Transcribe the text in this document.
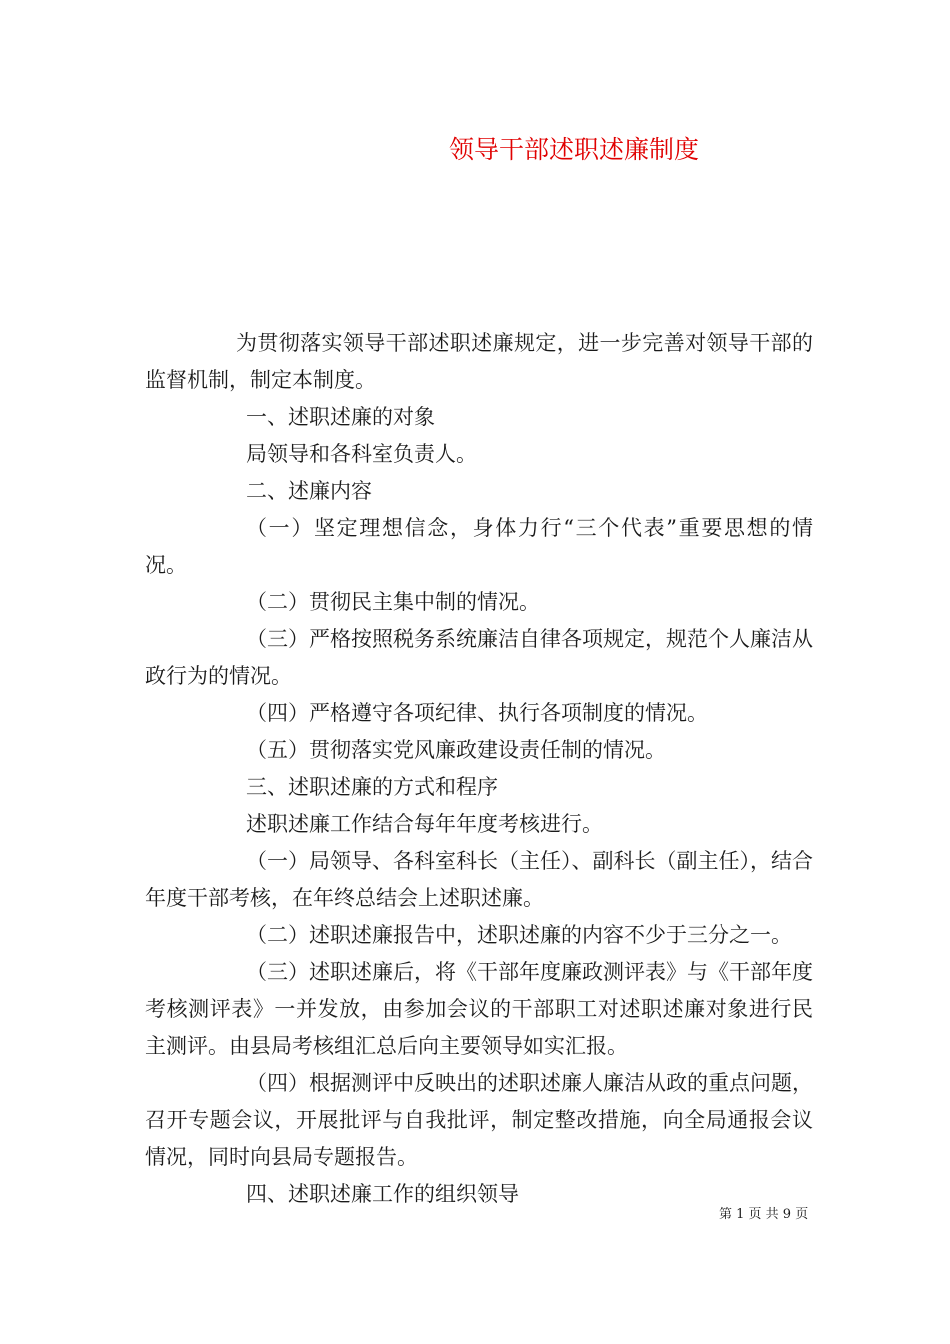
领导干部述职述廉制度

为贯彻落实领导干部述职述廉规定，进一步完善对领导干部的监督机制，制定本制度。

一、述职述廉的对象

局领导和各科室负责人。

二、述廉内容

（一）坚定理想信念，身体力行“三个代表”重要思想的情况。

（二）贯彻民主集中制的情况。

（三）严格按照税务系统廉洁自律各项规定，规范个人廉洁从政行为的情况。

（四）严格遵守各项纪律、执行各项制度的情况。

（五）贯彻落实党风廉政建设责任制的情况。

三、述职述廉的方式和程序

述职述廉工作结合每年年度考核进行。

（一）局领导、各科室科长（主任）、副科长（副主任），结合年度干部考核，在年终总结会上述职述廉。

（二）述职述廉报告中，述职述廉的内容不少于三分之一。

（三）述职述廉后，将《干部年度廉政测评表》与《干部年度考核测评表》一并发放，由参加会议的干部职工对述职述廉对象进行民主测评。由县局考核组汇总后向主要领导如实汇报。

（四）根据测评中反映出的述职述廉人廉洁从政的重点问题，召开专题会议，开展批评与自我批评，制定整改措施，向全局通报会议情况，同时向县局专题报告。

四、述职述廉工作的组织领导

第 1 页 共 9 页
